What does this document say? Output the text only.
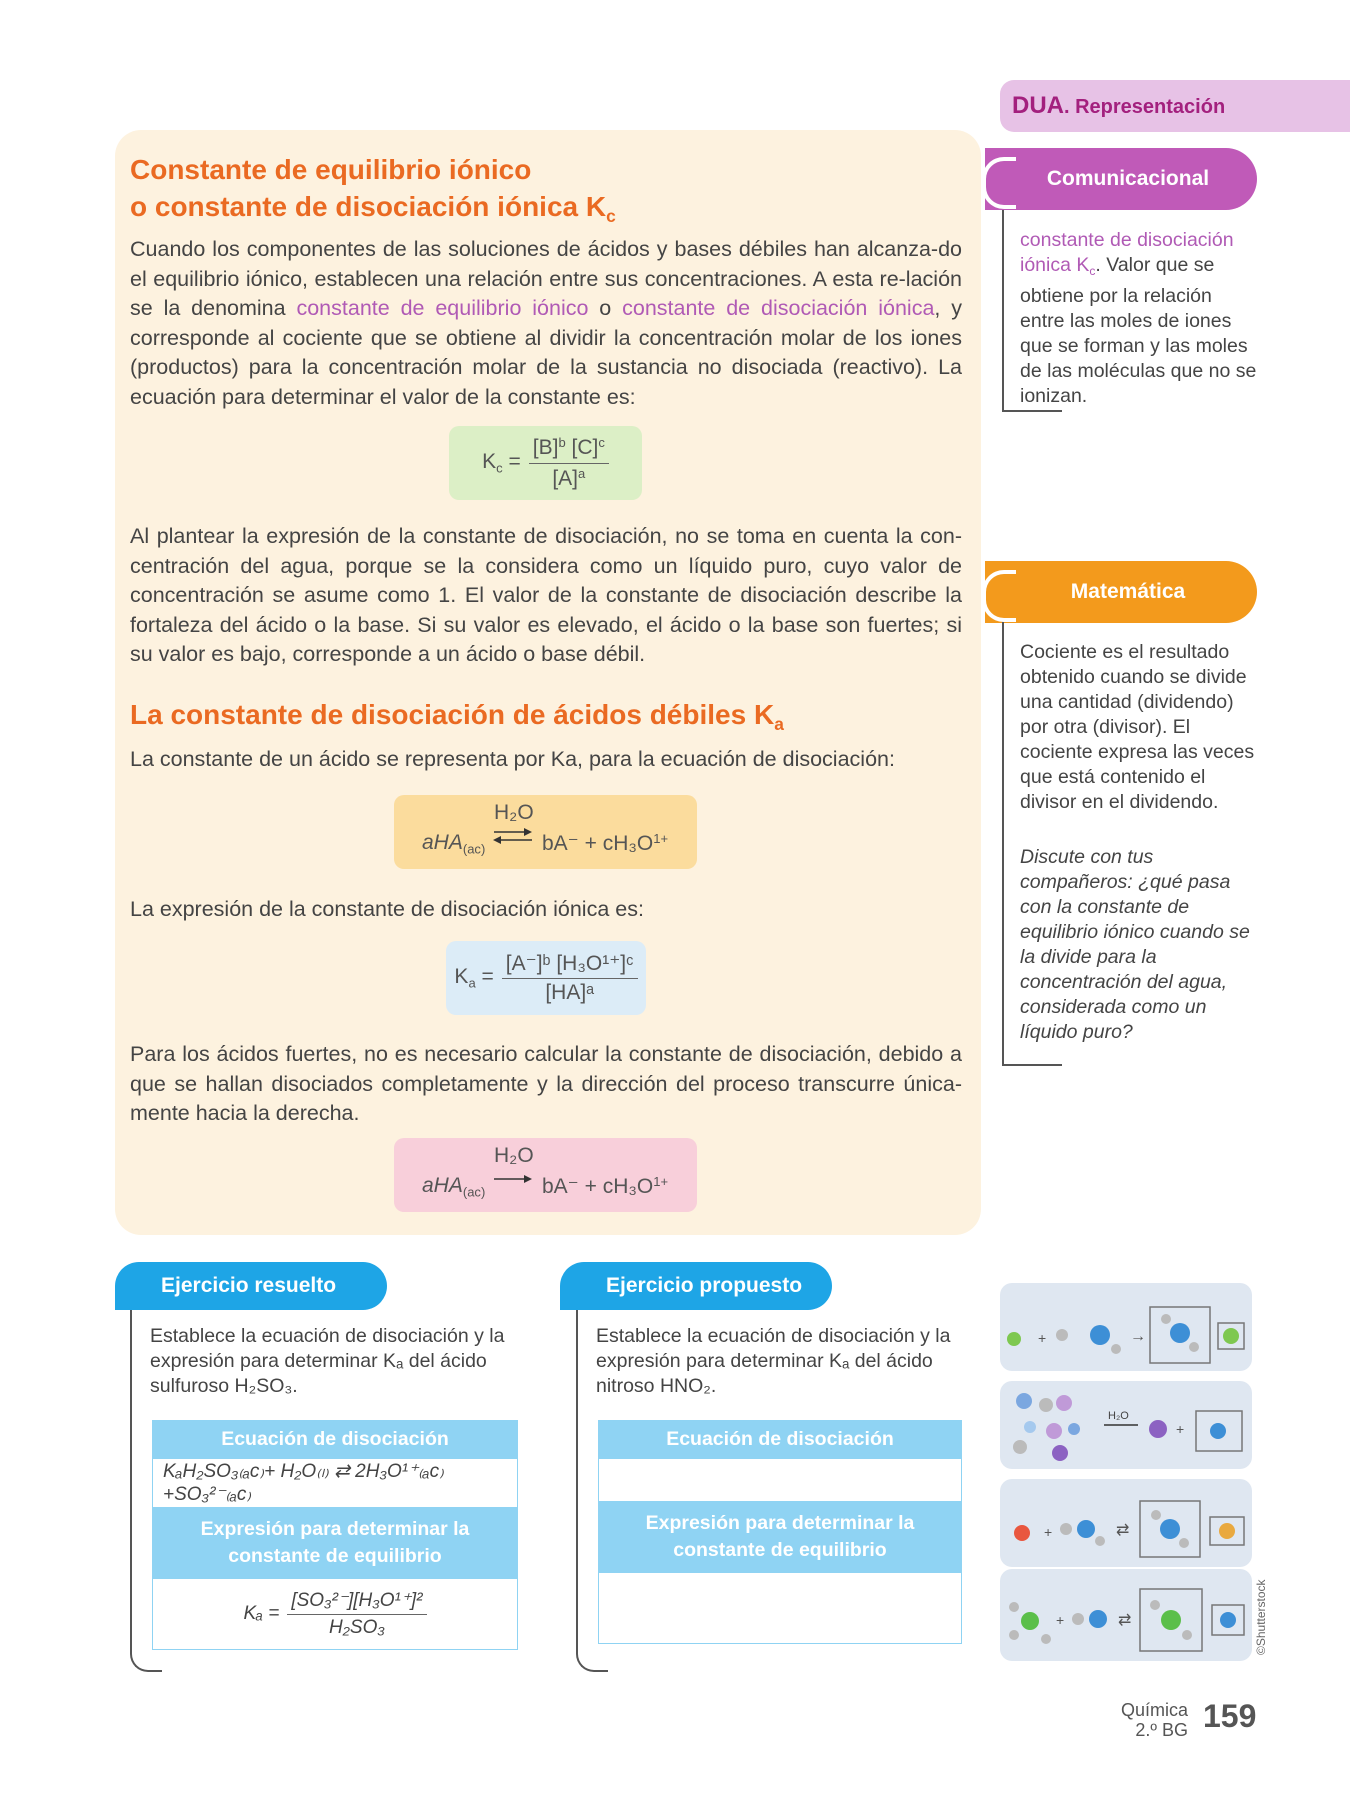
DUA. Representación
Constante de equilibrio iónico
o constante de disociación iónica $K_c$
Cuando los componentes de las soluciones de ácidos y bases débiles han alcanza-do el equilibrio iónico, establecen una relación entre sus concentraciones. A esta re-lación se la denomina constante de equilibrio iónico o constante de disociación iónica, y corresponde al cociente que se obtiene al dividir la concentración molar de los iones (productos) para la concentración molar de la sustancia no disociada (reactivo). La ecuación para determinar el valor de la constante es:
$K_c = \frac{[B]^b [C]^c}{[A]^a}$
Al plantear la expresión de la constante de disociación, no se toma en cuenta la con-centración del agua, porque se la considera como un líquido puro, cuyo valor de concentración se asume como 1. El valor de la constante de disociación describe la fortaleza del ácido o la base. Si su valor es elevado, el ácido o la base son fuertes; si su valor es bajo, corresponde a un ácido o base débil.
La constante de disociación de ácidos débiles $K_a$
La constante de un ácido se representa por Ka, para la ecuación de disociación:
H₂O
aHA$_{(ac)}$ ⇌ $bA^- + cH_3O^{1+}$
La expresión de la constante de disociación iónica es:
$K_a = \frac{\text{[A⁻]ᵇ [H₃O¹⁺]ᶜ}}{\text{[HA]ᵃ}}$
Para los ácidos fuertes, no es necesario calcular la constante de disociación, debido a que se hallan disociados completamente y la dirección del proceso transcurre única-mente hacia la derecha.
H₂O
aHA$_{(ac)}$	$bA^- + cH_3O^{1+}$
Comunicacional
constante de disociación iónica $K_c$. Valor que se obtiene por la relación entre las moles de iones que se forman y las moles de las moléculas que no se ionizan.
Matemática
Cociente es el resultado obtenido cuando se divide una cantidad (dividendo) por otra (divisor). El cociente expresa las veces que está contenido el divisor en el dividendo.
Discute con tus compañeros: ¿qué pasa con la constante de equilibrio iónico cuando se la divide para la concentración del agua, considerada como un líquido puro?
Ejercicio resuelto
Establece la ecuación de disociación y la expresión para determinar Kₐ del ácido sulfuroso H₂SO₃.
Ecuación de disociación
KₐH₂SO₃₍ₐc₎+ H₂O₍ₗ₎ ⇄ 2H₃O¹⁺₍ₐc₎+SO₃²⁻₍ₐc₎
Expresión para determinar la constante de equilibrio
$K_a = \frac{\text{[SO₃²⁻][H₃O¹⁺]²}}{\text{H₂SO₃}}$
Ejercicio propuesto
Establece la ecuación de disociación y la expresión para determinar Kₐ del ácido nitroso HNO₂.
Ecuación de disociación
Expresión para determinar la constante de equilibrio
+	→
H₂O
+
+	⇄
+	⇄	©Shutterstock
Química
2.º BG 159
